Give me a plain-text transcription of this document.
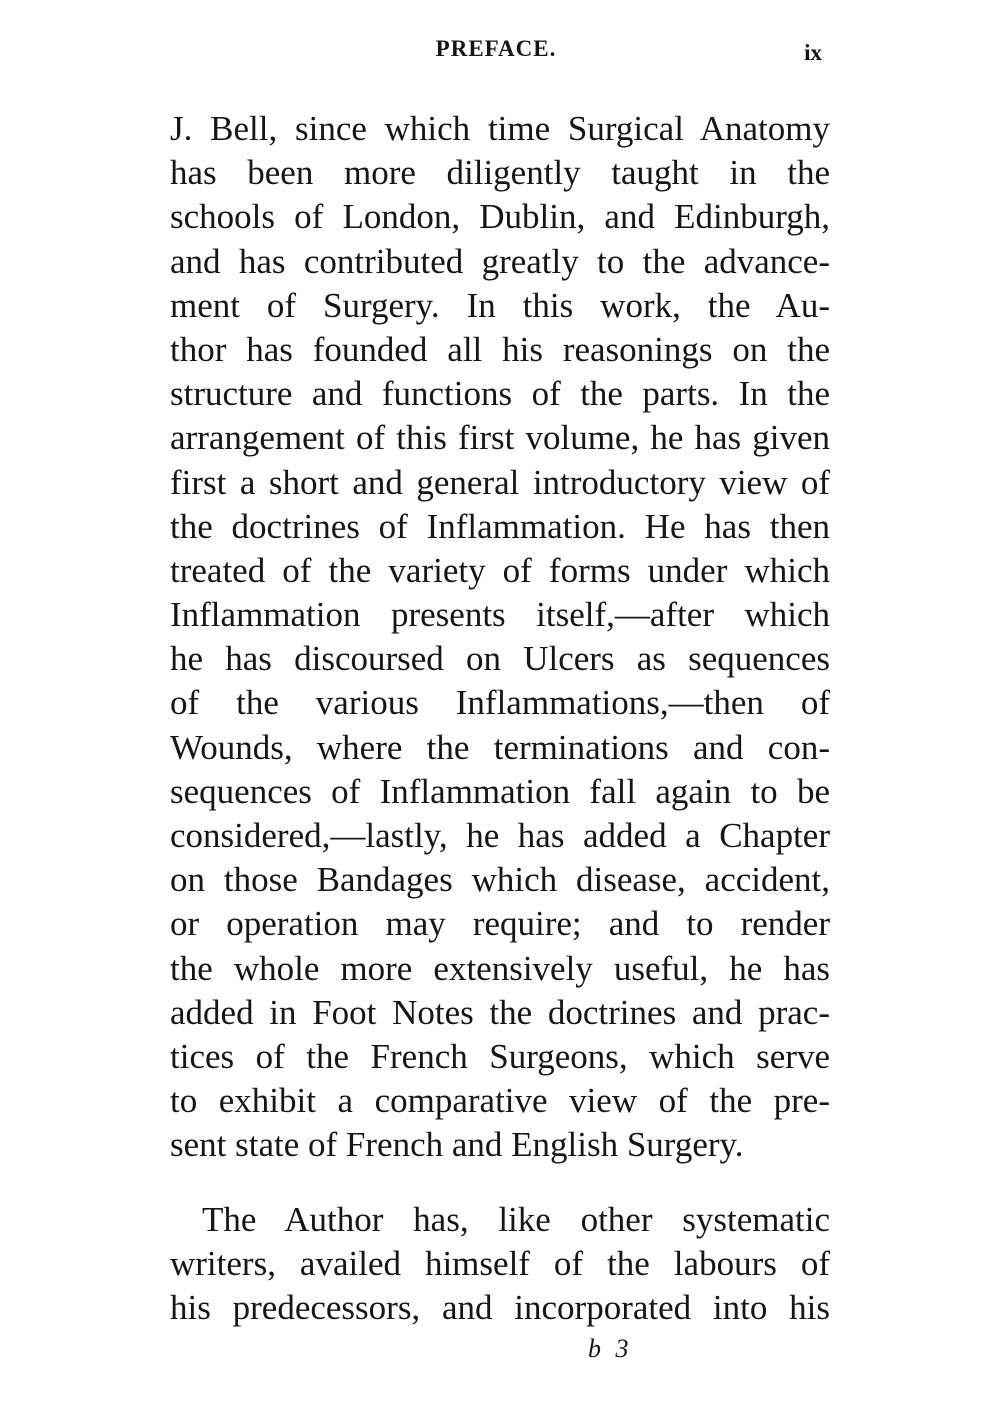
PREFACE.	ix
J. Bell, since which time Surgical Anatomy
has been more diligently taught in the
schools of London, Dublin, and Edinburgh,
and has contributed greatly to the advance-
ment of Surgery. In this work, the Au-
thor has founded all his reasonings on the
structure and functions of the parts. In the
arrangement of this first volume, he has given
first a short and general introductory view of
the doctrines of Inflammation. He has then
treated of the variety of forms under which
Inflammation presents itself,—after which
he has discoursed on Ulcers as sequences
of the various Inflammations,—then of
Wounds, where the terminations and con-
sequences of Inflammation fall again to be
considered,—lastly, he has added a Chapter
on those Bandages which disease, accident,
or operation may require; and to render
the whole more extensively useful, he has
added in Foot Notes the doctrines and prac-
tices of the French Surgeons, which serve
to exhibit a comparative view of the pre-
sent state of French and English Surgery.
The Author has, like other systematic
writers, availed himself of the labours of
his predecessors, and incorporated into his
b 3
